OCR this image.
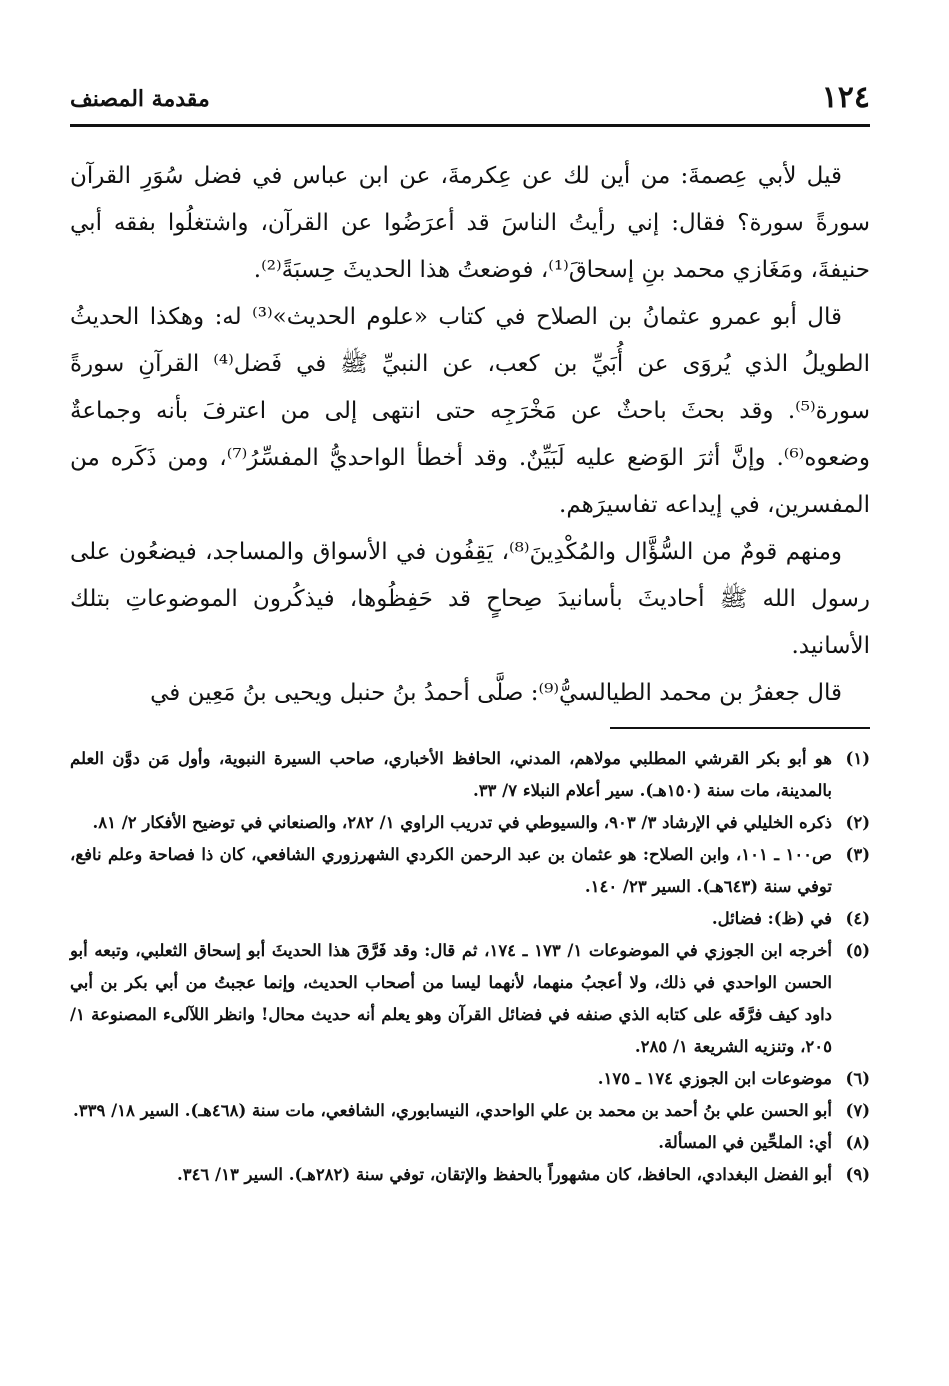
١٢٤
مقدمة المصنف

قيل لأبي عِصمةَ: من أين لك عن عِكرمةَ، عن ابن عباس في فضل سُوَرِ القرآن سورةً سورة؟ فقال: إني رأيتُ الناسَ قد أعرَضُوا عن القرآن، واشتغلُوا بفقه أبي حنيفةَ، ومَغَازي محمد بنِ إسحاقَ⁽¹⁾، فوضعتُ هذا الحديثَ حِسبَةً⁽²⁾.

قال أبو عمرو عثمانُ بن الصلاح في كتاب «علوم الحديث»⁽³⁾ له: وهكذا الحديثُ الطويلُ الذي يُروَى عن أُبَيِّ بن كعب، عن النبيِّ ﷺ في فَضل⁽⁴⁾ القرآنِ سورةً سورة⁽⁵⁾. وقد بحثَ باحثٌ عن مَخْرَجِه حتى انتهى إلى من اعترفَ بأنه وجماعةٌ وضعوه⁽⁶⁾. وإنَّ أثرَ الوَضع عليه لَبَيِّنٌ. وقد أخطأ الواحديُّ المفسِّرُ⁽⁷⁾، ومن ذَكَره من المفسرين، في إيداعه تفاسيرَهم.

ومنهم قومٌ من السُّؤَّال والمُكْدِينَ⁽⁸⁾، يَقِفُون في الأسواق والمساجد، فيضعُون على رسول الله ﷺ أحاديثَ بأسانيدَ صِحاحٍ قد حَفِظُوها، فيذكُرون الموضوعاتِ بتلك الأسانيد.

قال جعفرُ بن محمد الطيالسيُّ⁽⁹⁾: صلَّى أحمدُ بنُ حنبل ويحيى بنُ مَعِين في

(١)
هو أبو بكر القرشي المطلبي مولاهم، المدني، الحافظ الأخباري، صاحب السيرة النبوية، وأول مَن دوَّن العلم بالمدينة، مات سنة (١٥٠هـ). سير أعلام النبلاء ٧/ ٣٣.
(٢)
ذكره الخليلي في الإرشاد ٣/ ٩٠٣، والسيوطي في تدريب الراوي ١/ ٢٨٢، والصنعاني في توضيح الأفكار ٢/ ٨١.
(٣)
ص١٠٠ ـ ١٠١، وابن الصلاح: هو عثمان بن عبد الرحمن الكردي الشهرزوري الشافعي، كان ذا فصاحة وعلم نافع، توفي سنة (٦٤٣هـ). السير ٢٣/ ١٤٠.
(٤)
في (ظ): فضائل.
(٥)
أخرجه ابن الجوزي في الموضوعات ١/ ١٧٣ ـ ١٧٤، ثم قال: وقد فَرَّقَ هذا الحديثَ أبو إسحاق الثعلبي، وتبعه أبو الحسن الواحدي في ذلك، ولا أعجبُ منهما، لأنهما ليسا من أصحاب الحديث، وإنما عجبتُ من أبي بكر بن أبي داود كيف فرَّقَه على كتابه الذي صنفه في فضائل القرآن وهو يعلم أنه حديث محال! وانظر اللآلىء المصنوعة ١/ ٢٠٥، وتنزيه الشريعة ١/ ٢٨٥.
(٦)
موضوعات ابن الجوزي ١٧٤ ـ ١٧٥.
(٧)
أبو الحسن علي بنُ أحمد بن محمد بن علي الواحدي، النيسابوري، الشافعي، مات سنة (٤٦٨هـ). السير ١٨/ ٣٣٩.
(٨)
أي: الملحِّين في المسألة.
(٩)
أبو الفضل البغدادي، الحافظ، كان مشهوراً بالحفظ والإتقان، توفي سنة (٢٨٢هـ). السير ١٣/ ٣٤٦.
